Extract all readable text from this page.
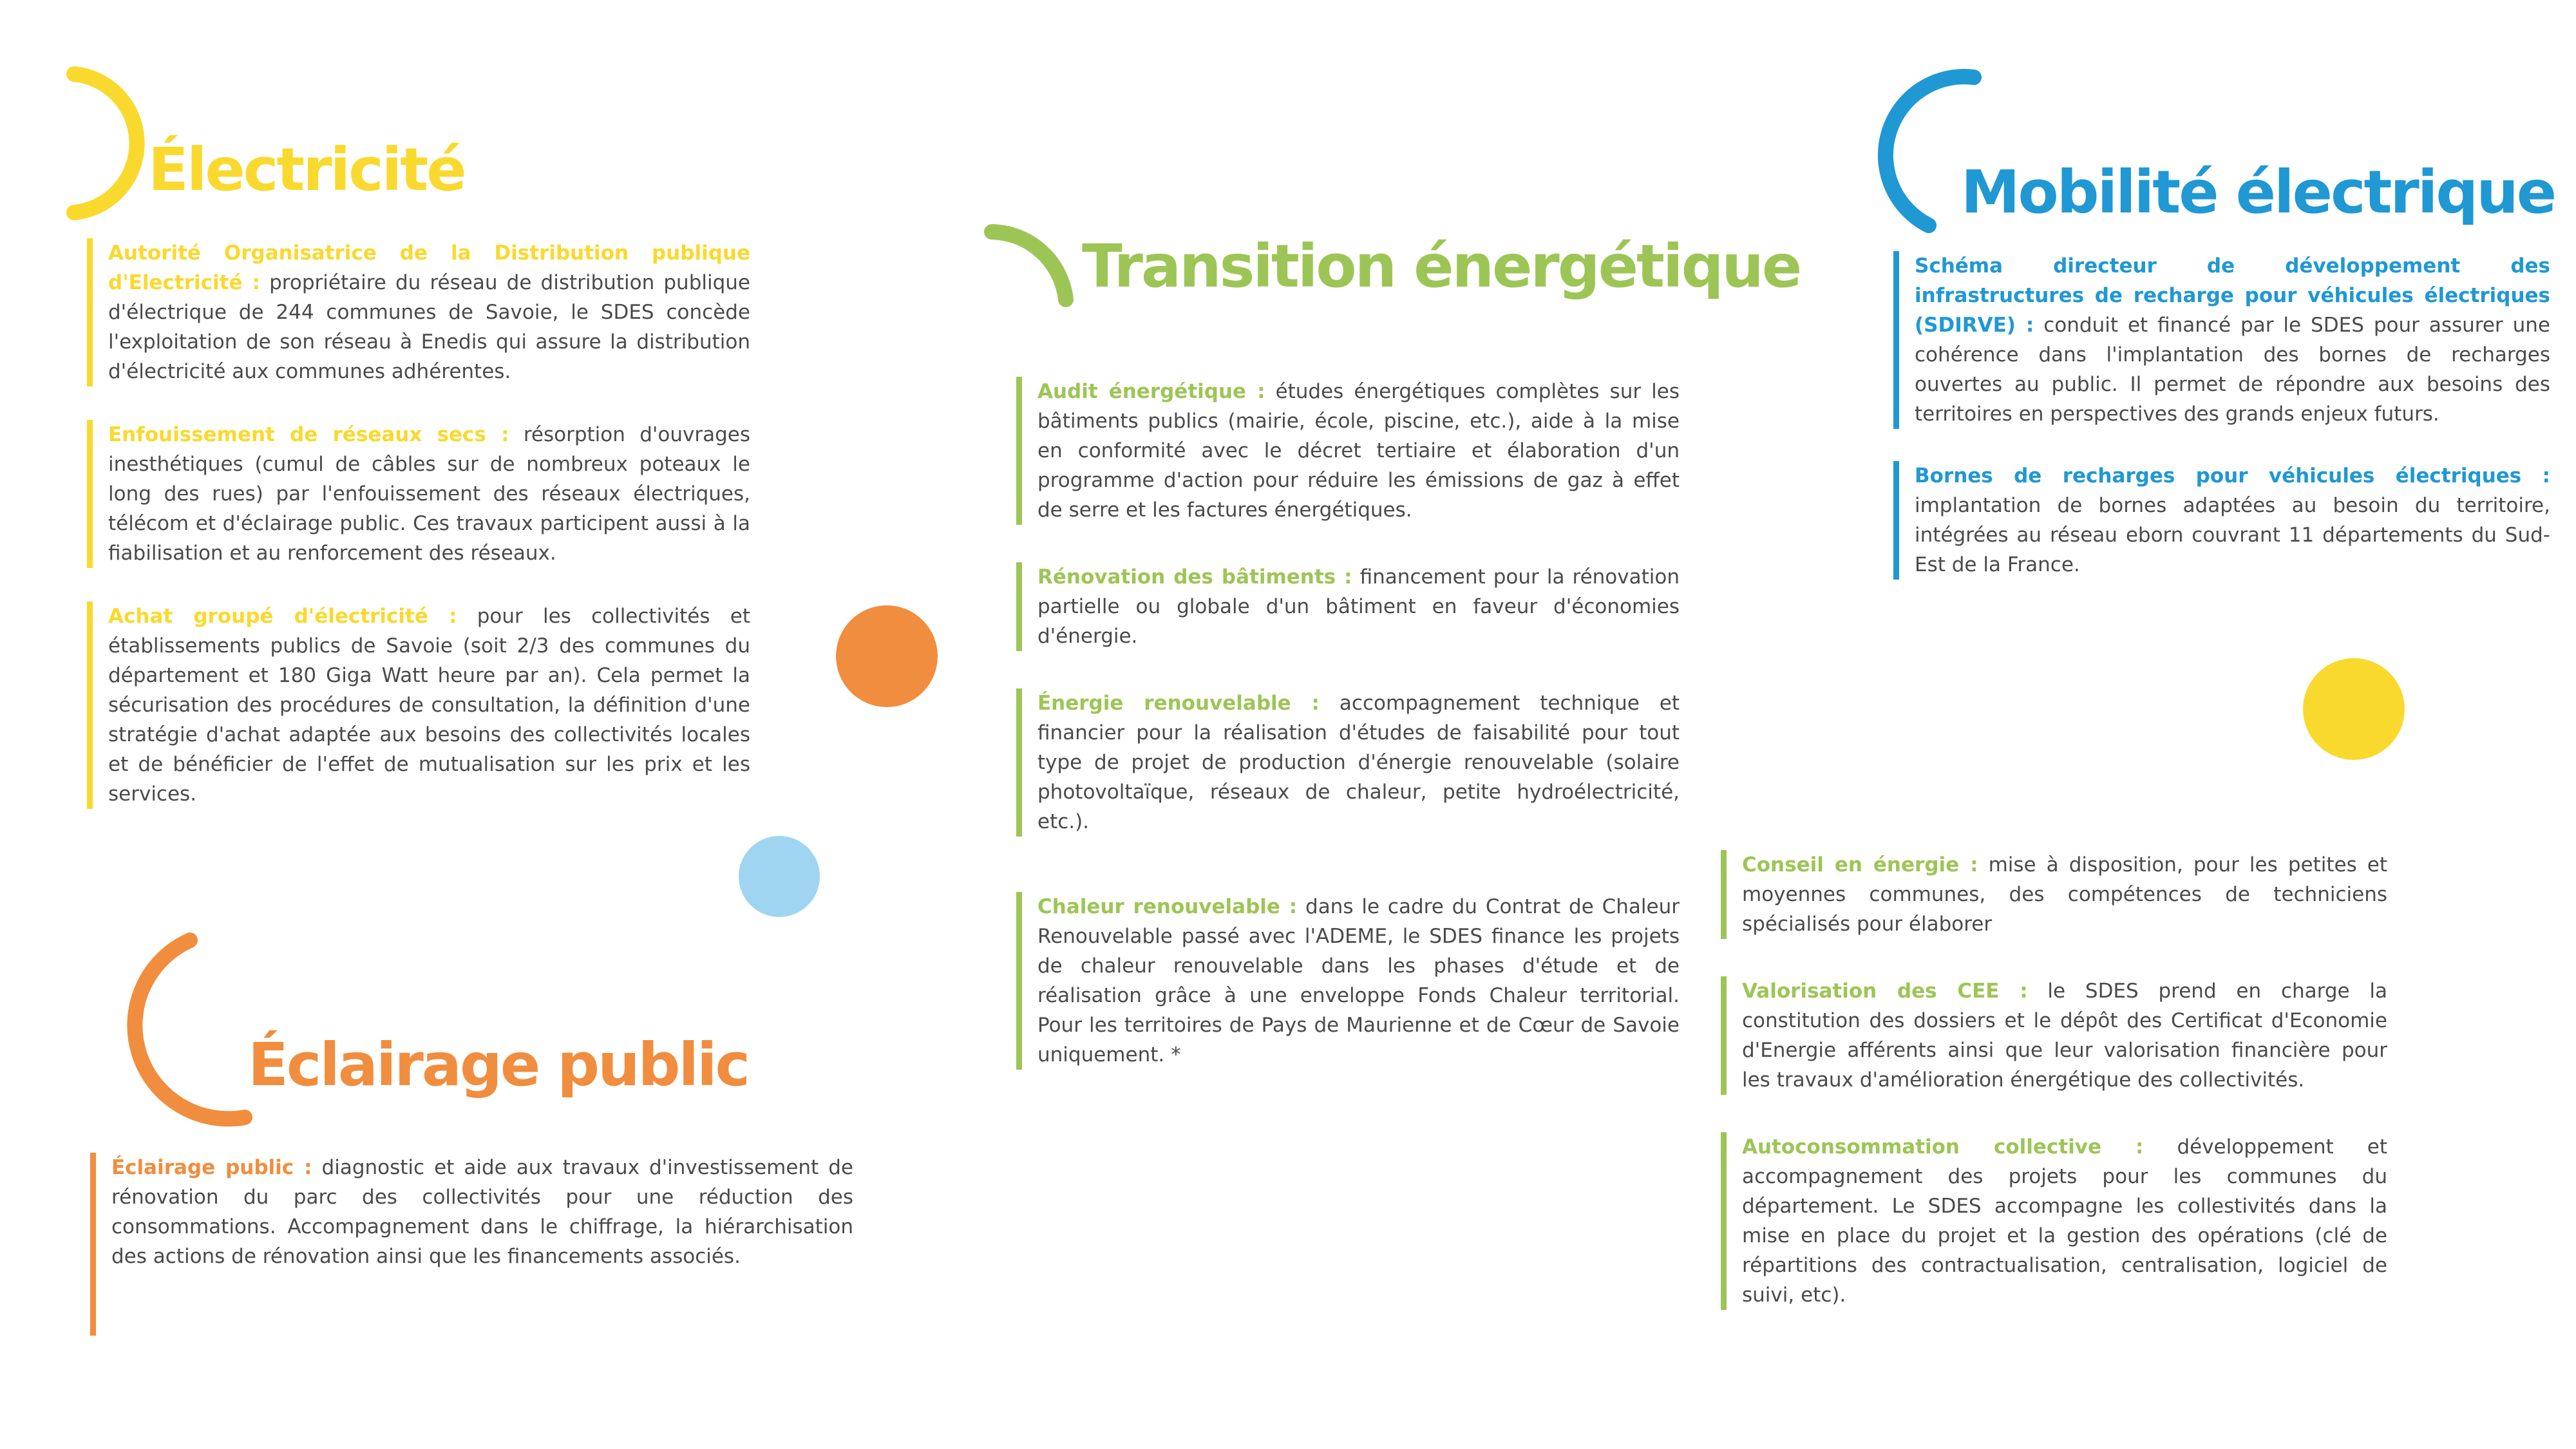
Électricité
Transition énergétique
Mobilité électrique
Éclairage public

Autorité Organisatrice de la Distribution publique d'Electricité : propriétaire du réseau de distribution publique d'électrique de 244 communes de Savoie, le SDES concède l'exploitation de son réseau à Enedis qui assure la distribution d'électricité aux communes adhérentes.

Enfouissement de réseaux secs : résorption d'ouvrages inesthétiques (cumul de câbles sur de nombreux poteaux le long des rues) par l'enfouissement des réseaux électriques, télécom et d'éclairage public. Ces travaux participent aussi à la fiabilisation et au renforcement des réseaux.

Achat groupé d'électricité : pour les collectivités et établissements publics de Savoie (soit 2/3 des communes du département et 180 Giga Watt heure par an). Cela permet la sécurisation des procédures de consultation, la définition d'une stratégie d'achat adaptée aux besoins des collectivités locales et de bénéficier de l'effet de mutualisation sur les prix et les services.

Audit énergétique : études énergétiques complètes sur les bâtiments publics (mairie, école, piscine, etc.), aide à la mise en conformité avec le décret tertiaire et élaboration d'un programme d'action pour réduire les émissions de gaz à effet de serre et les factures énergétiques.

Rénovation des bâtiments : financement pour la rénovation partielle ou globale d'un bâtiment en faveur d'économies d'énergie.

Énergie renouvelable : accompagnement technique et financier pour la réalisation d'études de faisabilité pour tout type de projet de production d'énergie renouvelable (solaire photovoltaïque, réseaux de chaleur, petite hydroélectricité, etc.).

Chaleur renouvelable : dans le cadre du Contrat de Chaleur Renouvelable passé avec l'ADEME, le SDES finance les projets de chaleur renouvelable dans les phases d'étude et de réalisation grâce à une enveloppe Fonds Chaleur territorial. Pour les territoires de Pays de Maurienne et de Cœur de Savoie uniquement. *

Schéma directeur de développement des infrastructures de recharge pour véhicules électriques (SDIRVE) : conduit et financé par le SDES pour assurer une cohérence dans l'implantation des bornes de recharges ouvertes au public. Il permet de répondre aux besoins des territoires en perspectives des grands enjeux futurs.

Bornes de recharges pour véhicules électriques : implantation de bornes adaptées au besoin du territoire, intégrées au réseau eborn couvrant 11 départements du Sud-Est de la France.

Conseil en énergie : mise à disposition, pour les petites et moyennes communes, des compétences de techniciens spécialisés pour élaborer

Valorisation des CEE : le SDES prend en charge la constitution des dossiers et le dépôt des Certificat d'Economie d'Energie afférents ainsi que leur valorisation financière pour les travaux d'amélioration énergétique des collectivités.

Autoconsommation collective : développement et accompagnement des projets pour les communes du département. Le SDES accompagne les collestivités dans la mise en place du projet et la gestion des opérations (clé de répartitions des contractualisation, centralisation, logiciel de suivi, etc).

Éclairage public : diagnostic et aide aux travaux d'investissement de rénovation du parc des collectivités pour une réduction des consommations. Accompagnement dans le chiffrage, la hiérarchisation des actions de rénovation ainsi que les financements associés.
